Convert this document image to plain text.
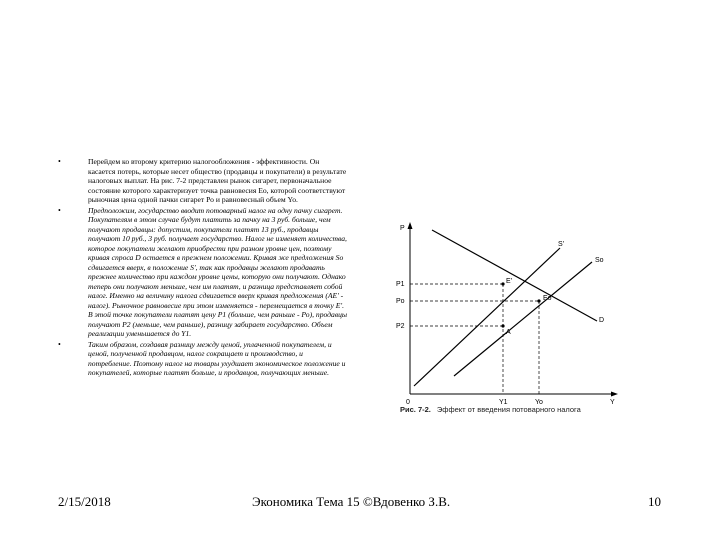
•	Перейдем ко второму критерию налогообложения - эффективности. Он касается потерь, которые несет общество (продавцы и покупатели) в результате налоговых выплат. На рис. 7-2 представлен рынок сигарет, первоначальное состояние которого характеризует точка равновесия Eo, которой соответствуют рыночная цена одной пачки сигарет Ро и равновесный объем Yo.
•	Предположим, государство вводит потоварный налог на одну пачку сигарет. Покупателям в этом случае будут платить за пачку на 3 руб. больше, чем получают продавцы: допустим, покупатели платят 13 руб., продавцы получают 10 руб., 3 руб. получает государство. Налог не изменяет количества, которое покупатели желают приобрести при разном уровне цен, поэтому кривая спроса D остается в прежнем положении. Кривая же предложения So сдвигается вверх, в положение S', так как продавцы желают продавать прежнее количество при каждом уровне цены, которую они получают. Однако теперь они получают меньше, чем им платят, и разница представляет собой налог. Именно на величину налога сдвигается вверх кривая предложения (AE' - налог). Рыночное равновесие при этом изменяется - перемещается в точку E'. В этой точке покупатели платят цену Р1 (больше, чем раньше - Ро), продавцы получают Р2 (меньше, чем раньше), разницу забирает государство. Объем реализации уменьшается до Y1.
•	Таким образом, создавая разницу между ценой, уплаченной покупателем, и ценой, полученной продавцом, налог сокращает и производство, и потребление. Поэтому налог на товары ухудшает экономическое положение и покупателей, которые платят больше, и продавцов, получающих меньше.
P
Y
0
P1
Po
P2
Y1	Yo
S'
So
D
E'
Eo
A
Рис. 7-2. Эффект от введения потоварного налога
2/15/2018	Экономика Тема 15 ©Вдовенко З.В.	10
